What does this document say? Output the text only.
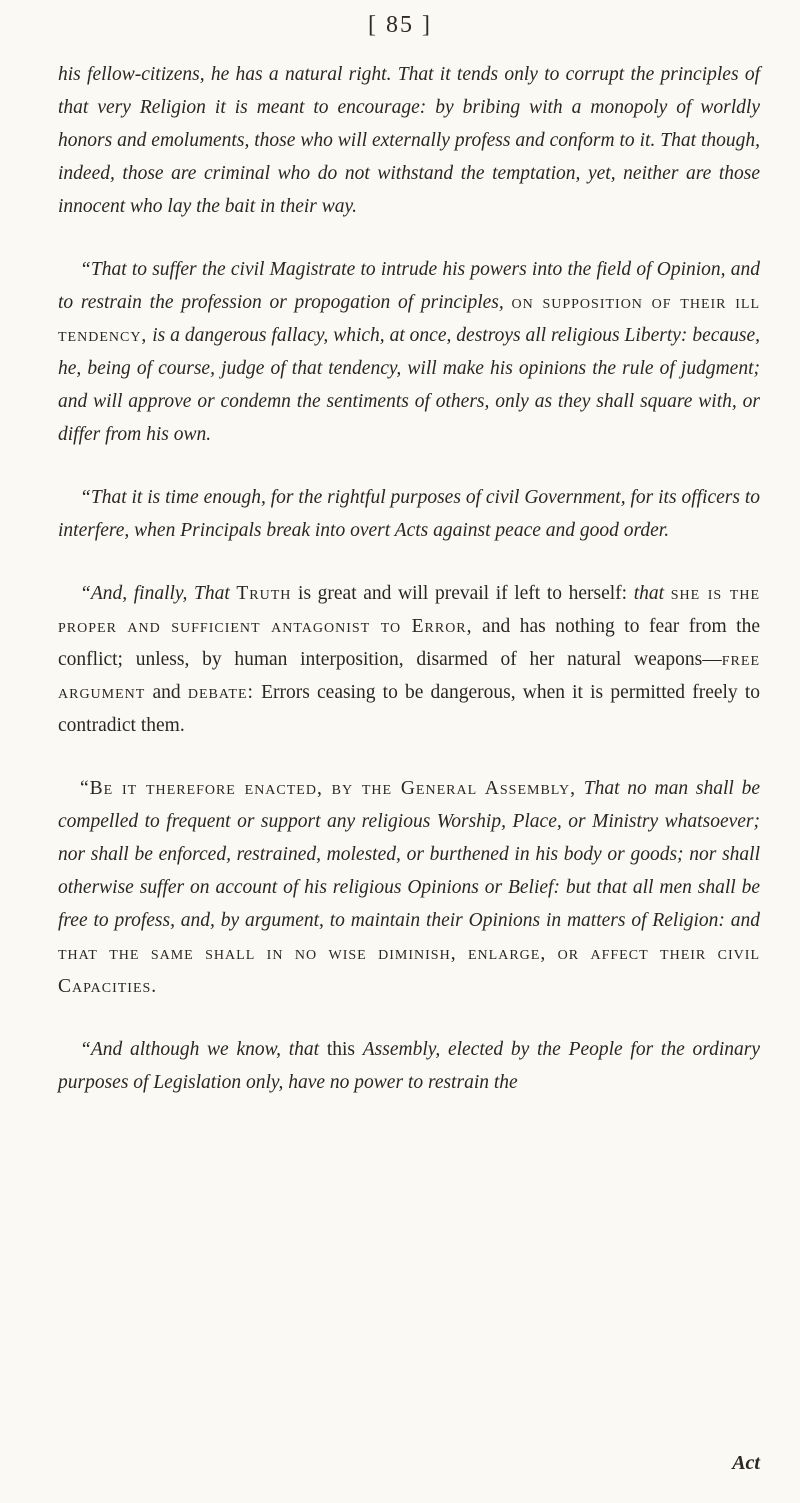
[ 85 ]

his fellow-citizens, he has a natural right. That it tends only to corrupt the principles of that very Religion it is meant to encourage: by bribing with a monopoly of worldly honors and emoluments, those who will externally profess and conform to it. That though, indeed, those are criminal who do not withstand the temptation, yet, neither are those innocent who lay the bait in their way.

“That to suffer the civil Magistrate to intrude his powers into the field of Opinion, and to restrain the profession or propogation of principles, on supposition of their ill tendency, is a dangerous fallacy, which, at once, destroys all religious Liberty: because, he, being of course, judge of that tendency, will make his opinions the rule of judgment; and will approve or condemn the sentiments of others, only as they shall square with, or differ from his own.

“That it is time enough, for the rightful purposes of civil Government, for its officers to interfere, when Principals break into overt Acts against peace and good order.

“And, finally, That Truth is great and will prevail if left to herself: that she is the proper and sufficient antagonist to Error, and has nothing to fear from the conflict; unless, by human interposition, disarmed of her natural weapons—free argument and debate: Errors ceasing to be dangerous, when it is permitted freely to contradict them.

“Be it therefore enacted, by the General Assembly, That no man shall be compelled to frequent or support any religious Worship, Place, or Ministry whatsoever; nor shall be enforced, restrained, molested, or burthened in his body or goods; nor shall otherwise suffer on account of his religious Opinions or Belief: but that all men shall be free to profess, and, by argument, to maintain their Opinions in matters of Religion: and that the same shall in no wise diminish, enlarge, or affect their civil Capacities.

“And although we know, that this Assembly, elected by the People for the ordinary purposes of Legislation only, have no power to restrain the

Act
